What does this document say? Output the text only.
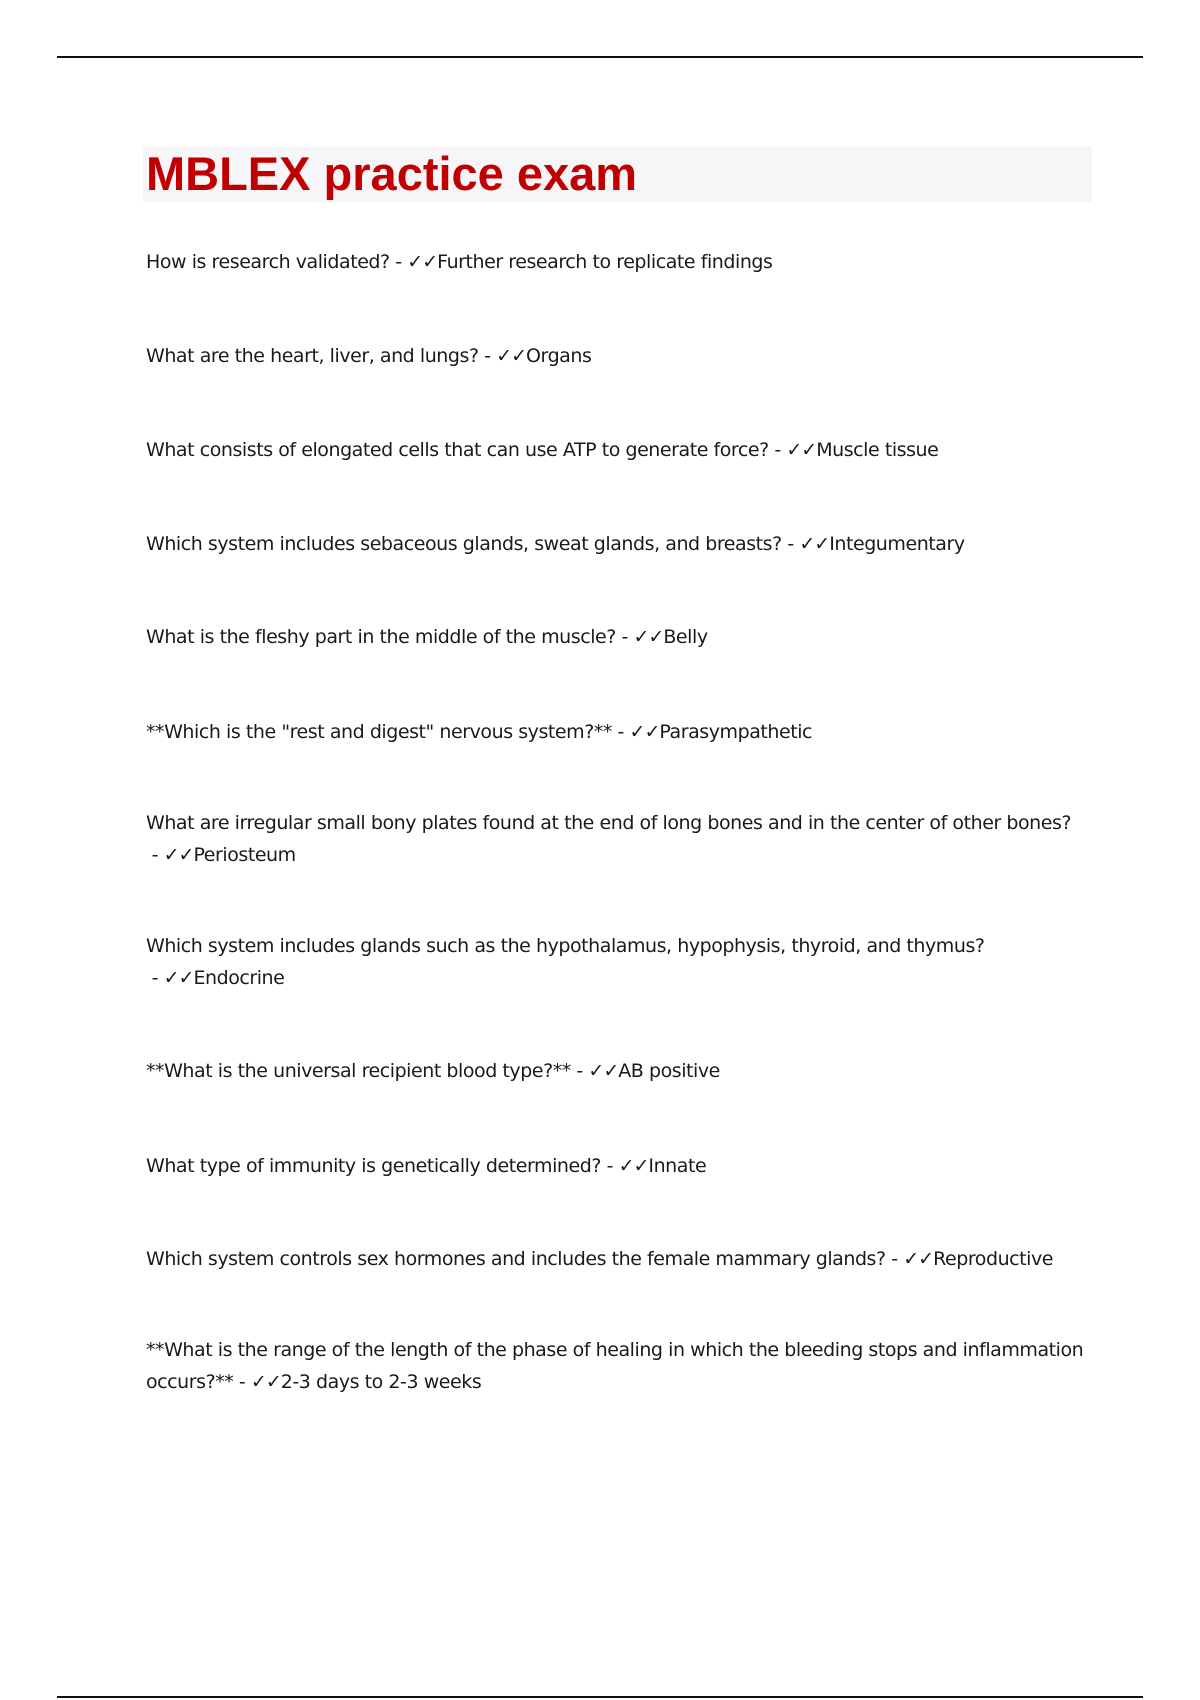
MBLEX practice exam
How is research validated? - ✓✓Further research to replicate findings
What are the heart, liver, and lungs? - ✓✓Organs
What consists of elongated cells that can use ATP to generate force? - ✓✓Muscle tissue
Which system includes sebaceous glands, sweat glands, and breasts? - ✓✓Integumentary
What is the fleshy part in the middle of the muscle? - ✓✓Belly
**Which is the "rest and digest" nervous system?** - ✓✓Parasympathetic
What are irregular small bony plates found at the end of long bones and in the center of other bones? - ✓✓Periosteum
Which system includes glands such as the hypothalamus, hypophysis, thyroid, and thymus? - ✓✓Endocrine
**What is the universal recipient blood type?** - ✓✓AB positive
What type of immunity is genetically determined? - ✓✓Innate
Which system controls sex hormones and includes the female mammary glands? - ✓✓Reproductive
**What is the range of the length of the phase of healing in which the bleeding stops and inflammation occurs?** - ✓✓2-3 days to 2-3 weeks
